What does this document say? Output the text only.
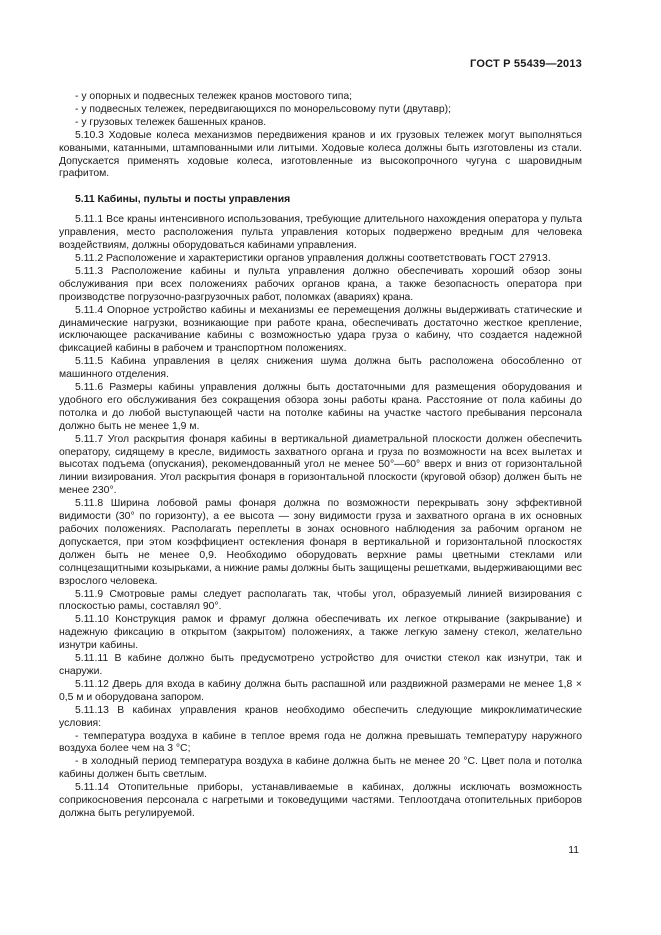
ГОСТ Р 55439—2013

- у опорных и подвесных тележек кранов мостового типа;

- у подвесных тележек, передвигающихся по монорельсовому пути (двутавр);

- у грузовых тележек башенных кранов.

5.10.3 Ходовые колеса механизмов передвижения кранов и их грузовых тележек могут выполняться коваными, катанными, штампованными или литыми. Ходовые колеса должны быть изготовлены из стали. Допускается применять ходовые колеса, изготовленные из высокопрочного чугуна с шаровидным графитом.

5.11 Кабины, пульты и посты управления

5.11.1 Все краны интенсивного использования, требующие длительного нахождения оператора у пульта управления, место расположения пульта управления которых подвержено вредным для человека воздействиям, должны оборудоваться кабинами управления.

5.11.2 Расположение и характеристики органов управления должны соответствовать ГОСТ 27913.

5.11.3 Расположение кабины и пульта управления должно обеспечивать хороший обзор зоны обслуживания при всех положениях рабочих органов крана, а также безопасность оператора при производстве погрузочно-разгрузочных работ, поломках (авариях) крана.

5.11.4 Опорное устройство кабины и механизмы ее перемещения должны выдерживать статические и динамические нагрузки, возникающие при работе крана, обеспечивать достаточно жесткое крепление, исключающее раскачивание кабины с возможностью удара груза о кабину, что создается надежной фиксацией кабины в рабочем и транспортном положениях.

5.11.5 Кабина управления в целях снижения шума должна быть расположена обособленно от машинного отделения.

5.11.6 Размеры кабины управления должны быть достаточными для размещения оборудования и удобного его обслуживания без сокращения обзора зоны работы крана. Расстояние от пола кабины до потолка и до любой выступающей части на потолке кабины на участке частого пребывания персонала должно быть не менее 1,9 м.

5.11.7 Угол раскрытия фонаря кабины в вертикальной диаметральной плоскости должен обеспечить оператору, сидящему в кресле, видимость захватного органа и груза по возможности на всех вылетах и высотах подъема (опускания), рекомендованный угол не менее 50°—60° вверх и вниз от горизонтальной линии визирования. Угол раскрытия фонаря в горизонтальной плоскости (круговой обзор) должен быть не менее 230°.

5.11.8 Ширина лобовой рамы фонаря должна по возможности перекрывать зону эффективной видимости (30° по горизонту), а ее высота — зону видимости груза и захватного органа в их основных рабочих положениях. Располагать переплеты в зонах основного наблюдения за рабочим органом не допускается, при этом коэффициент остекления фонаря в вертикальной и горизонтальной плоскостях должен быть не менее 0,9. Необходимо оборудовать верхние рамы цветными стеклами или солнцезащитными козырьками, а нижние рамы должны быть защищены решетками, выдерживающими вес взрослого человека.

5.11.9 Смотровые рамы следует располагать так, чтобы угол, образуемый линией визирования с плоскостью рамы, составлял 90°.

5.11.10 Конструкция рамок и фрамуг должна обеспечивать их легкое открывание (закрывание) и надежную фиксацию в открытом (закрытом) положениях, а также легкую замену стекол, желательно изнутри кабины.

5.11.11 В кабине должно быть предусмотрено устройство для очистки стекол как изнутри, так и снаружи.

5.11.12 Дверь для входа в кабину должна быть распашной или раздвижной размерами не менее 1,8 × 0,5 м и оборудована запором.

5.11.13 В кабинах управления кранов необходимо обеспечить следующие микроклиматические условия:

- температура воздуха в кабине в теплое время года не должна превышать температуру наружного воздуха более чем на 3 °С;

- в холодный период температура воздуха в кабине должна быть не менее 20 °С. Цвет пола и потолка кабины должен быть светлым.

5.11.14 Отопительные приборы, устанавливаемые в кабинах, должны исключать возможность соприкосновения персонала с нагретыми и токоведущими частями. Теплоотдача отопительных приборов должна быть регулируемой.

11
